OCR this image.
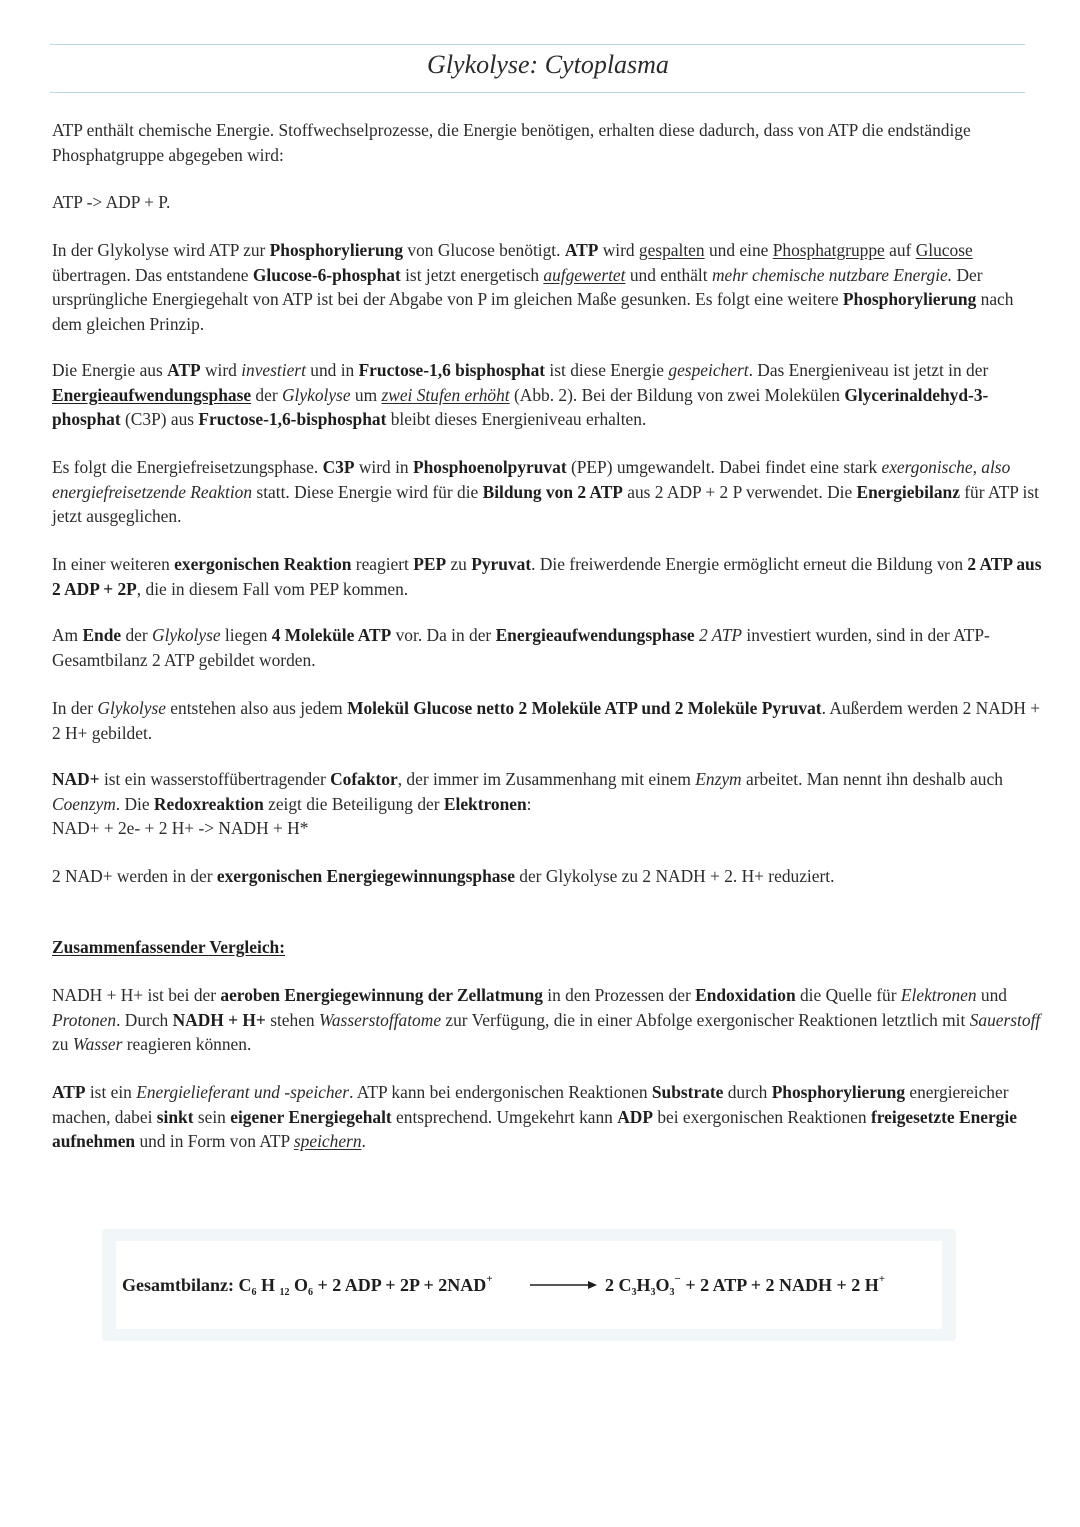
Glykolyse: Cytoplasma

ATP enthält chemische Energie. Stoffwechselprozesse, die Energie benötigen, erhalten diese dadurch, dass von ATP die endständige Phosphatgruppe abgegeben wird:

ATP -> ADP + P.

In der Glykolyse wird ATP zur Phosphorylierung von Glucose benötigt. ATP wird gespalten und eine Phosphatgruppe auf Glucose übertragen. Das entstandene Glucose-6-phosphat ist jetzt energetisch aufgewertet und enthält mehr chemische nutzbare Energie. Der ursprüngliche Energiegehalt von ATP ist bei der Abgabe von P im gleichen Maße gesunken. Es folgt eine weitere Phosphorylierung nach dem gleichen Prinzip.

Die Energie aus ATP wird investiert und in Fructose-1,6 bisphosphat ist diese Energie gespeichert. Das Energieniveau ist jetzt in der Energieaufwendungsphase der Glykolyse um zwei Stufen erhöht (Abb. 2). Bei der Bildung von zwei Molekülen Glycerinaldehyd-3-phosphat (C3P) aus Fructose-1,6-bisphosphat bleibt dieses Energieniveau erhalten.

Es folgt die Energiefreisetzungsphase. C3P wird in Phosphoenolpyruvat (PEP) umgewandelt. Dabei findet eine stark exergonische, also energiefreisetzende Reaktion statt. Diese Energie wird für die Bildung von 2 ATP aus 2 ADP + 2 P verwendet. Die Energiebilanz für ATP ist jetzt ausgeglichen.

In einer weiteren exergonischen Reaktion reagiert PEP zu Pyruvat. Die freiwerdende Energie ermöglicht erneut die Bildung von 2 ATP aus 2 ADP + 2P, die in diesem Fall vom PEP kommen.

Am Ende der Glykolyse liegen 4 Moleküle ATP vor. Da in der Energieaufwendungsphase 2 ATP investiert wurden, sind in der ATP-Gesamtbilanz 2 ATP gebildet worden.

In der Glykolyse entstehen also aus jedem Molekül Glucose netto 2 Moleküle ATP und 2 Moleküle Pyruvat. Außerdem werden 2 NADH + 2 H+ gebildet.

NAD+ ist ein wasserstoffübertragender Cofaktor, der immer im Zusammenhang mit einem Enzym arbeitet. Man nennt ihn deshalb auch Coenzym. Die Redoxreaktion zeigt die Beteiligung der Elektronen:
NAD+ + 2e- + 2 H+ -> NADH + H*

2 NAD+ werden in der exergonischen Energiegewinnungsphase der Glykolyse zu 2 NADH + 2. H+ reduziert.

Zusammenfassender Vergleich:

NADH + H+ ist bei der aeroben Energiegewinnung der Zellatmung in den Prozessen der Endoxidation die Quelle für Elektronen und Protonen. Durch NADH + H+ stehen Wasserstoffatome zur Verfügung, die in einer Abfolge exergonischer Reaktionen letztlich mit Sauerstoff zu Wasser reagieren können.

ATP ist ein Energielieferant und -speicher. ATP kann bei endergonischen Reaktionen Substrate durch Phosphorylierung energiereicher machen, dabei sinkt sein eigener Energiegehalt entsprechend. Umgekehrt kann ADP bei exergonischen Reaktionen freigesetzte Energie aufnehmen und in Form von ATP speichern.

Gesamtbilanz: $C_6$ H $_{12}$ $O_6 + 2$ ADP + 2P + 2NAD+	2 $C_3H_3O_3^- + 2$ ATP + 2 NADH + 2 H+
